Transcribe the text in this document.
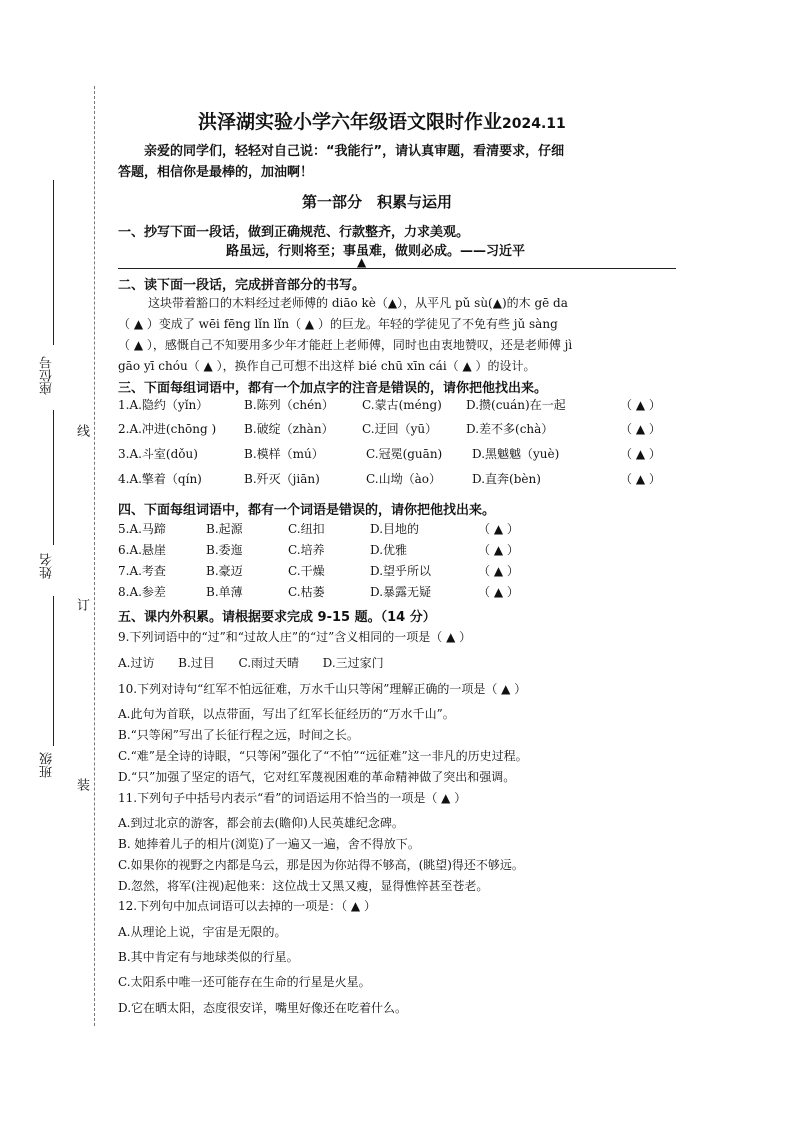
线
订
装
座位号
姓名
班级
洪泽湖实验小学六年级语文限时作业2024.11
亲爱的同学们，轻轻对自己说：“我能行”，请认真审题，看清要求，仔细
答题，相信你是最棒的，加油啊！
第一部分　积累与运用
一、抄写下面一段话，做到正确规范、行款整齐，力求美观。
路虽远，行则将至；事虽难，做则必成。——习近平
▲
二、读下面一段话，完成拼音部分的书写。
这块带着豁口的木料经过老师傅的 diāo kè（▲），从平凡 pǔ sù(▲)的木 gē da
（ ▲ ）变成了 wēi fēng lǐn lǐn（ ▲ ）的巨龙。年轻的学徒见了不免有些 jǔ sàng
（ ▲ ），感慨自己不知要用多少年才能赶上老师傅，同时也由衷地赞叹，还是老师傅 jì
gāo yī chóu（ ▲ ），换作自己可想不出这样 bié chū xīn cái（ ▲ ）的设计。
三、下面每组词语中，都有一个加点字的注音是错误的，请你把他找出来。
1.A.隐约（yǐn）	B.陈列（chén） C.蒙古(méng) D.攒(cuán)在一起	（ ▲ ）
2.A.冲进(chōng ) B.破绽（zhàn） C.迂回（yū） D.差不多(chà）	（ ▲ ）
3.A.斗室(dǒu)	B.模样（mú）	C.冠冕(guān) D.黑魆魆（yuè)	（ ▲ ）
4.A.擎着（qín)	B.歼灭（jiān)	C.山坳（ào）	D.直奔(bèn)	（ ▲ ）
四、下面每组词语中，都有一个词语是错误的，请你把他找出来。
5.A.马蹄	B.起源	C.纽扣	D.目地的	（ ▲ ）
6.A.悬崖	B.委迤	C.培养	D.优雅	（ ▲ ）
7.A.考查	B.豪迈	C.干燥	D.望乎所以	（ ▲ ）
8.A.参差	B.单薄	C.枯萎	D.暴露无疑	（ ▲ ）
五、课内外积累。请根据要求完成 9-15 题。（14 分）
9.下列词语中的“过”和“过故人庄”的“过”含义相同的一项是（ ▲ ）
A.过访 B.过目 C.雨过天晴 D.三过家门
10.下列对诗句“红军不怕远征难，万水千山只等闲”理解正确的一项是（ ▲ ）
A.此句为首联，以点带面，写出了红军长征经历的“万水千山”。
B.“只等闲”写出了长征行程之远，时间之长。
C.“难”是全诗的诗眼，“只等闲”强化了“不怕”“远征难”这一非凡的历史过程。
D.“只”加强了坚定的语气，它对红军蔑视困难的革命精神做了突出和强调。
11.下列句子中括号内表示“看”的词语运用不恰当的一项是（ ▲ ）
A.到过北京的游客，都会前去(瞻仰)人民英雄纪念碑。
B. 她捧着儿子的相片(浏览)了一遍又一遍，舍不得放下。
C.如果你的视野之内都是乌云，那是因为你站得不够高，(眺望)得还不够远。
D.忽然，将军(注视)起他来：这位战士又黑又瘦，显得憔悴甚至苍老。
12.下列句中加点词语可以去掉的一项是：（ ▲ ）
A.从理论上说，宇宙是无限的。
B.其中肯定有与地球类似的行星。
C.太阳系中唯一还可能存在生命的行星是火星。
D.它在晒太阳，态度很安详，嘴里好像还在吃着什么。
